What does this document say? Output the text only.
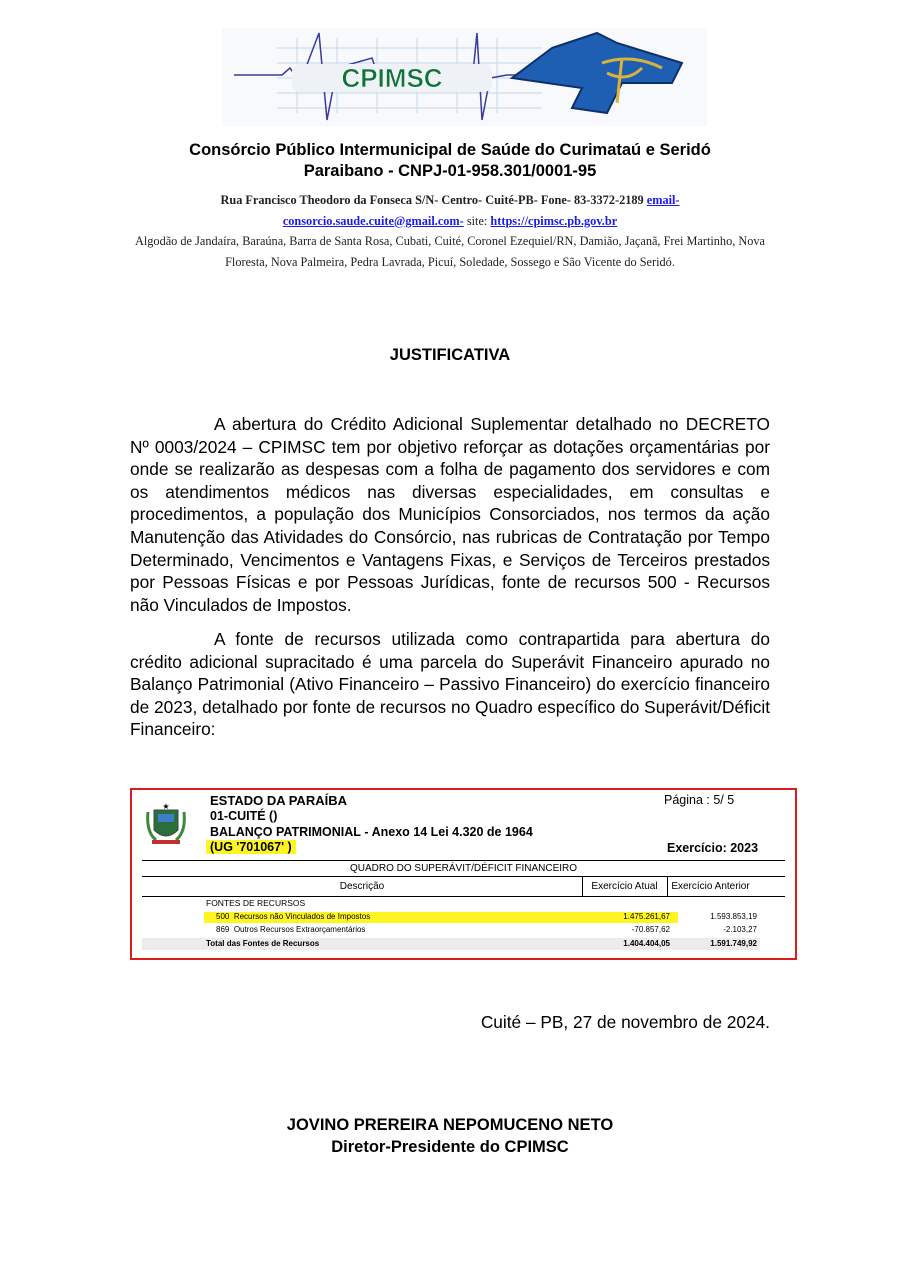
CPIMSC
Consórcio Público Intermunicipal de Saúde do Curimataú e Seridó
Paraibano - CNPJ-01-958.301/0001-95
Rua Francisco Theodoro da Fonseca S/N- Centro- Cuité-PB- Fone- 83-3372-2189 email-
consorcio.saude.cuite@gmail.com- site: https://cpimsc.pb.gov.br
Algodão de Jandaíra, Baraúna, Barra de Santa Rosa, Cubati, Cuité, Coronel Ezequiel/RN, Damião, Jaçanã, Frei Martinho, Nova Floresta, Nova Palmeira, Pedra Lavrada, Picuí, Soledade, Sossego e São Vicente do Seridó.
JUSTIFICATIVA

A abertura do Crédito Adicional Suplementar detalhado no DECRETO Nº 0003/2024 – CPIMSC tem por objetivo reforçar as dotações orçamentárias por onde se realizarão as despesas com a folha de pagamento dos servidores e com os atendimentos médicos nas diversas especialidades, em consultas e procedimentos, a população dos Municípios Consorciados, nos termos da ação Manutenção das Atividades do Consórcio, nas rubricas de Contratação por Tempo Determinado, Vencimentos e Vantagens Fixas, e Serviços de Terceiros prestados por Pessoas Físicas e por Pessoas Jurídicas, fonte de recursos 500 - Recursos não Vinculados de Impostos.

A fonte de recursos utilizada como contrapartida para abertura do crédito adicional supracitado é uma parcela do Superávit Financeiro apurado no Balanço Patrimonial (Ativo Financeiro – Passivo Financeiro) do exercício financeiro de 2023, detalhado por fonte de recursos no Quadro específico do Superávit/Déficit Financeiro:

★	ESTADO DA PARAÍBA
01-CUITÉ ()
BALANÇO PATRIMONIAL - Anexo 14 Lei 4.320 de 1964
(UG '701067' )
Página : 5/ 5
Exercício: 2023
QUADRO DO SUPERÁVIT/DÉFICIT FINANCEIRO
Descrição	Exercício Atual	Exercício Anterior
FONTES DE RECURSOS
500 Recursos não Vinculados de Impostos	1.475.261,67	1.593.853,19
869 Outros Recursos Extraorçamentários	-70.857,62	-2.103,27
Total das Fontes de Recursos	1.404.404,05	1.591.749,92
Cuité – PB, 27 de novembro de 2024.
JOVINO PREREIRA NEPOMUCENO NETO
Diretor-Presidente do CPIMSC
